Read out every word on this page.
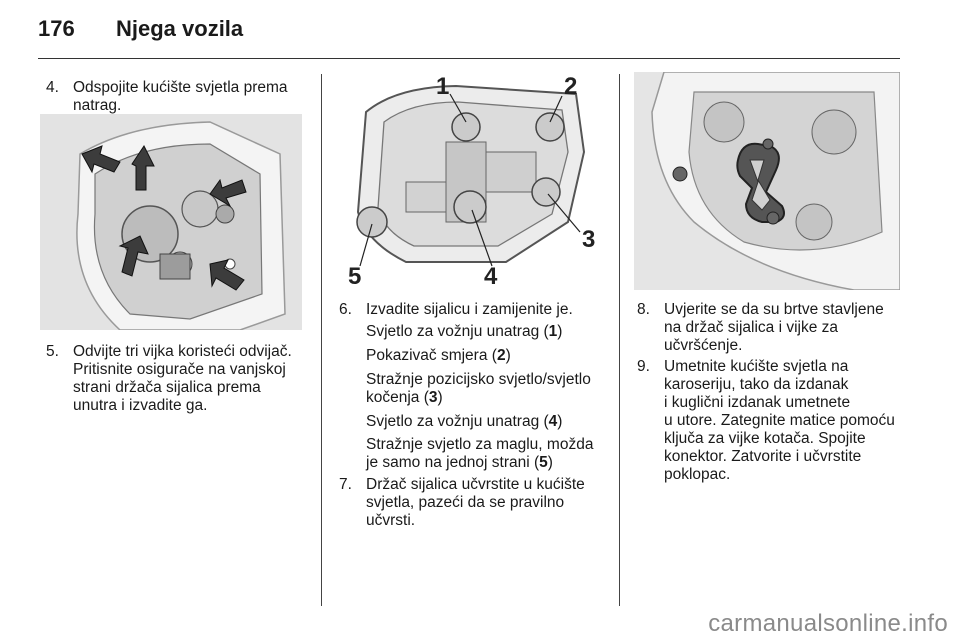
176	Njega vozila
4. Odspojite kućište svjetla prema
natrag.
5. Odvijte tri vijka koristeći odvijač.
Pritisnite osigurače na vanjskoj
strani držača sijalica prema
unutra i izvadite ga.
1	2
3
4
5
6. Izvadite sijalicu i zamijenite je.
Svjetlo za vožnju unatrag (1)
Pokazivač smjera (2)
Stražnje pozicijsko svjetlo/svjetlo
kočenja (3)
Svjetlo za vožnju unatrag (4)
Stražnje svjetlo za maglu, možda
je samo na jednoj strani (5)
7. Držač sijalica učvrstite u kućište
svjetla, pazeći da se pravilno
učvrsti.
8. Uvjerite se da su brtve stavljene
na držač sijalica i vijke za
učvršćenje.
9. Umetnite kućište svjetla na
karoseriju, tako da izdanak
i kuglični izdanak umetnete
u utore. Zategnite matice pomoću
ključa za vijke kotača. Spojite
konektor. Zatvorite i učvrstite
poklopac.
carmanualsonline.info
